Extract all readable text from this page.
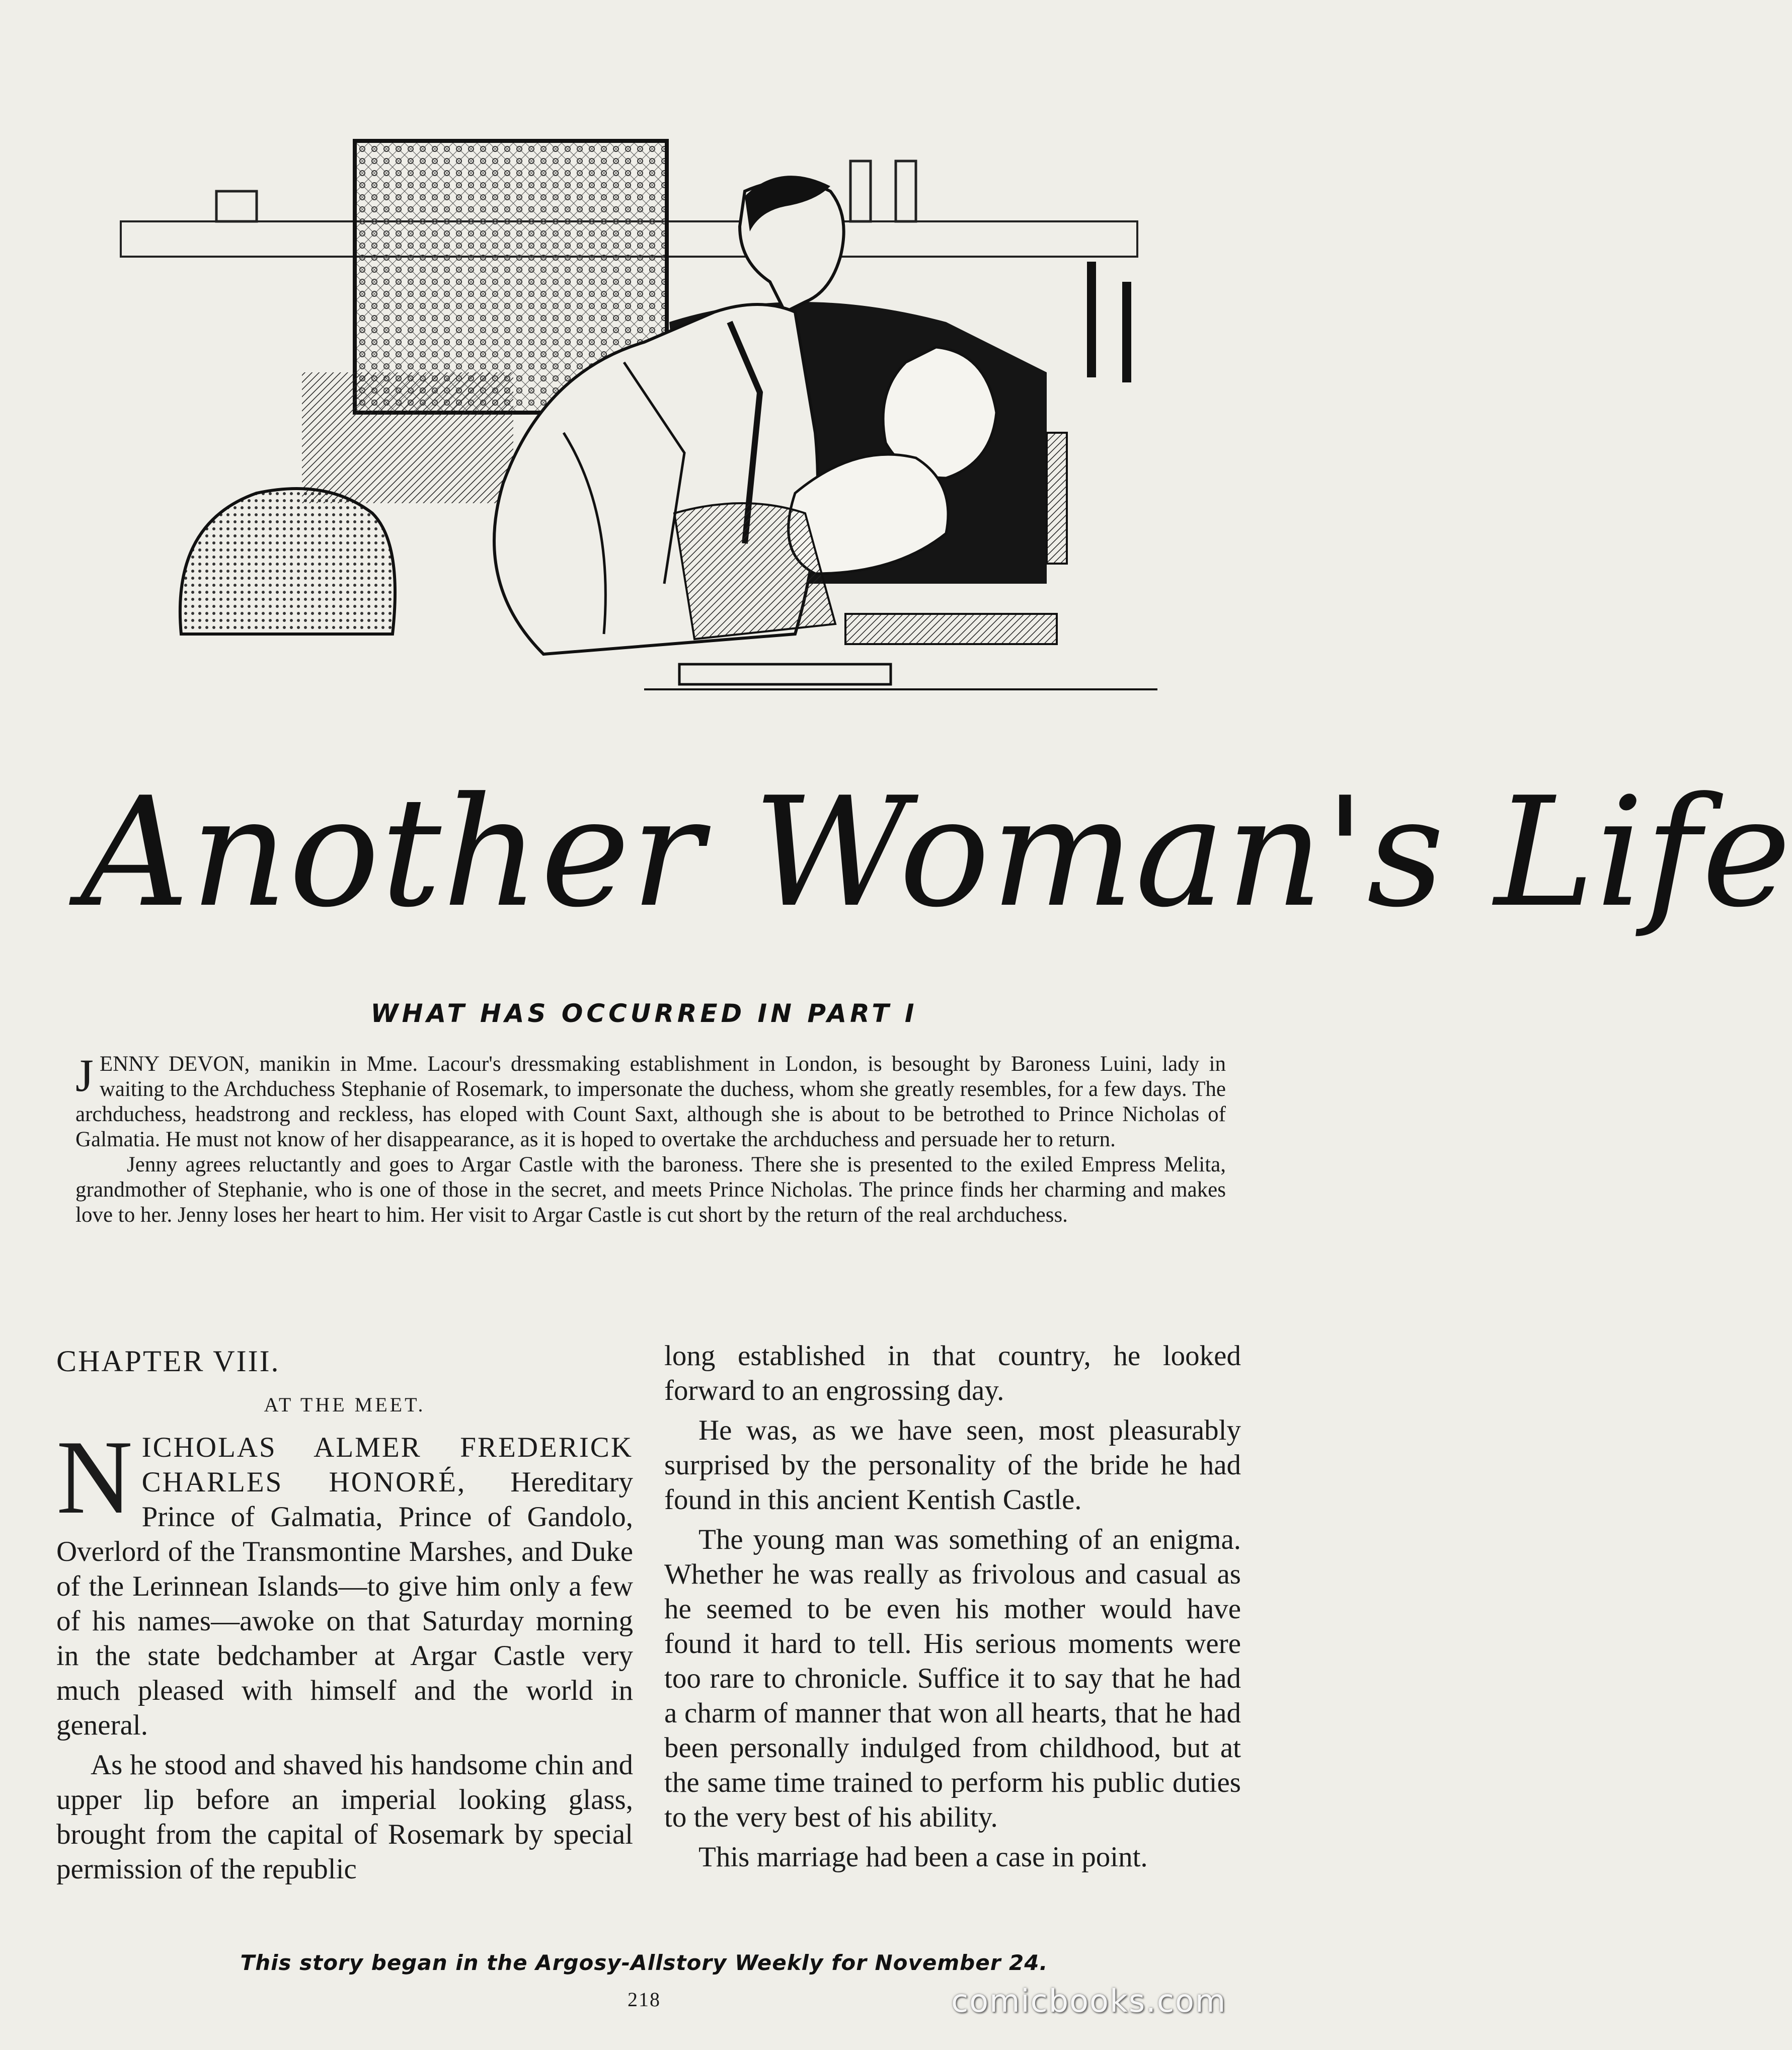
Another Woman's Life
WHAT HAS OCCURRED IN PART I

JENNY DEVON, manikin in Mme. Lacour's dressmaking establishment in London, is besought by Baroness Luini, lady in waiting to the Archduchess Stephanie of Rosemark, to impersonate the duchess, whom she greatly resembles, for a few days. The archduchess, headstrong and reckless, has eloped with Count Saxt, although she is about to be betrothed to Prince Nicholas of Galmatia. He must not know of her disappearance, as it is hoped to overtake the archduchess and persuade her to return.

Jenny agrees reluctantly and goes to Argar Castle with the baroness. There she is presented to the exiled Empress Melita, grandmother of Stephanie, who is one of those in the secret, and meets Prince Nicholas. The prince finds her charming and makes love to her. Jenny loses her heart to him. Her visit to Argar Castle is cut short by the return of the real archduchess.

CHAPTER VIII.

AT THE MEET.

NICHOLAS ALMER FREDERICK CHARLES HONORÉ, Hereditary Prince of Galmatia, Prince of Gandolo, Overlord of the Transmontine Marshes, and Duke of the Lerinnean Islands—to give him only a few of his names—awoke on that Saturday morning in the state bedchamber at Argar Castle very much pleased with himself and the world in general.

As he stood and shaved his handsome chin and upper lip before an imperial looking glass, brought from the capital of Rosemark by special permission of the republic

long established in that country, he looked forward to an engrossing day.

He was, as we have seen, most pleasurably surprised by the personality of the bride he had found in this ancient Kentish Castle.

The young man was something of an enigma. Whether he was really as frivolous and casual as he seemed to be even his mother would have found it hard to tell. His serious moments were too rare to chronicle. Suffice it to say that he had a charm of manner that won all hearts, that he had been personally indulged from childhood, but at the same time trained to perform his public duties to the very best of his ability.

This marriage had been a case in point.

This story began in the Argosy-Allstory Weekly for November 24.
218	comicbooks.com
